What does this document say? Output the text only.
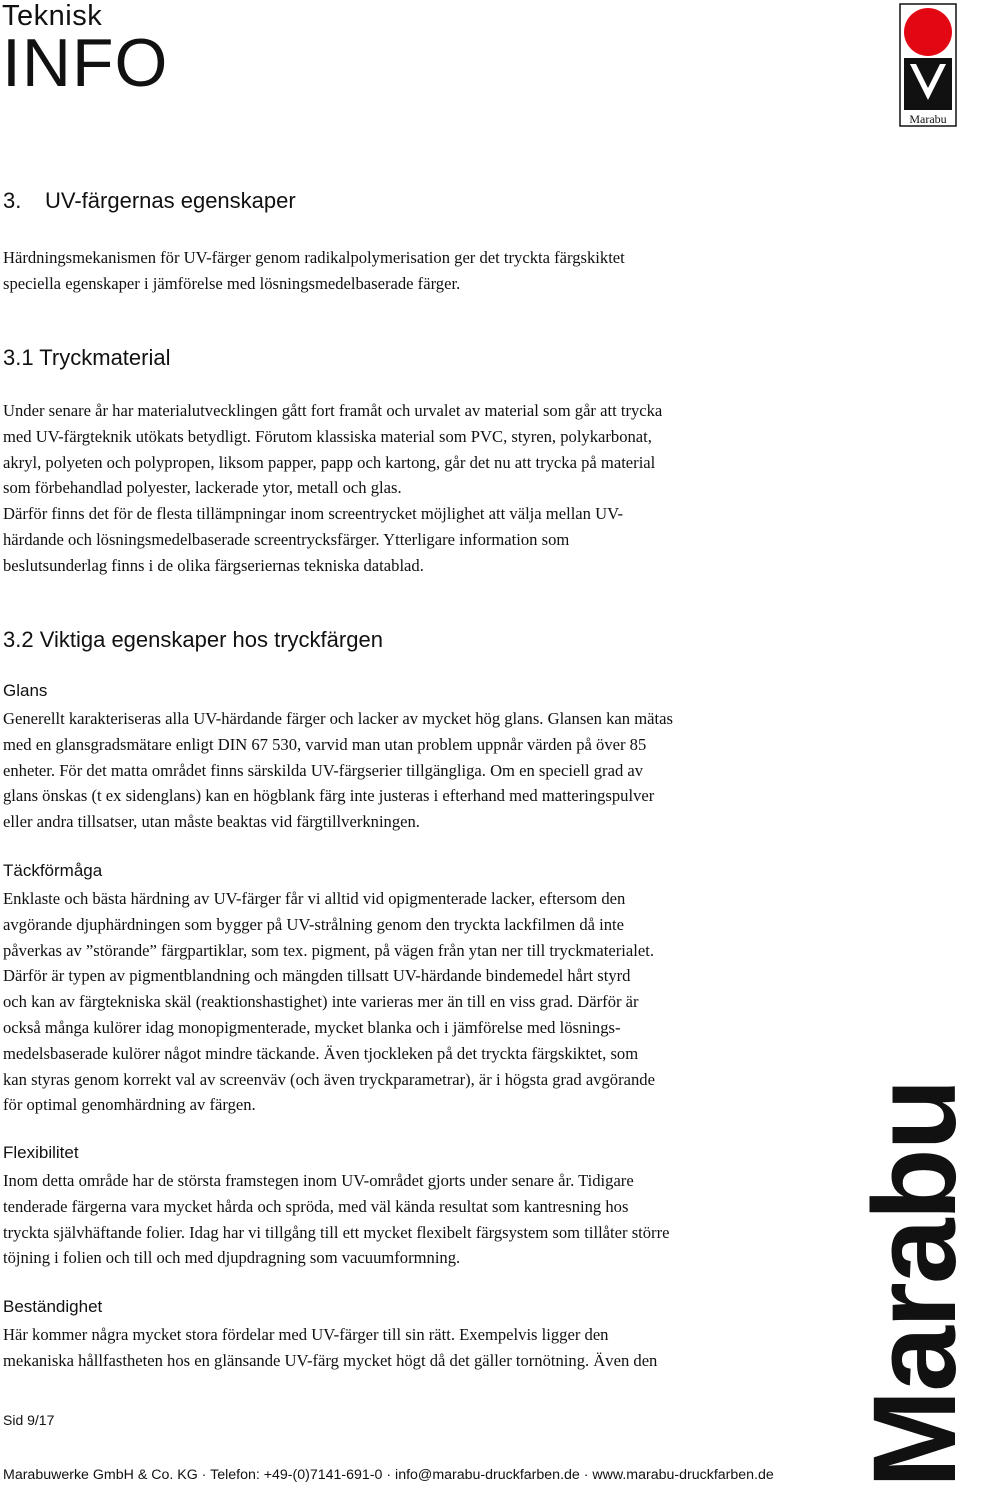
Teknisk
INFO
Marabu
3. UV-färgernas egenskaper

Härdningsmekanismen för UV-färger genom radikalpolymerisation ger det tryckta färgskiktet
speciella egenskaper i jämförelse med lösningsmedelbaserade färger.

3.1 Tryckmaterial

Under senare år har materialutvecklingen gått fort framåt och urvalet av material som går att trycka
med UV-färgteknik utökats betydligt. Förutom klassiska material som PVC, styren, polykarbonat,
akryl, polyeten och polypropen, liksom papper, papp och kartong, går det nu att trycka på material
som förbehandlad polyester, lackerade ytor, metall och glas.
Därför finns det för de flesta tillämpningar inom screentrycket möjlighet att välja mellan UV-
härdande och lösningsmedelbaserade screentrycksfärger. Ytterligare information som
beslutsunderlag finns i de olika färgseriernas tekniska datablad.

3.2 Viktiga egenskaper hos tryckfärgen
Glans

Generellt karakteriseras alla UV-härdande färger och lacker av mycket hög glans. Glansen kan mätas
med en glansgradsmätare enligt DIN 67 530, varvid man utan problem uppnår värden på över 85
enheter. För det matta området finns särskilda UV-färgserier tillgängliga. Om en speciell grad av
glans önskas (t ex sidenglans) kan en högblank färg inte justeras i efterhand med matteringspulver
eller andra tillsatser, utan måste beaktas vid färgtillverkningen.

Täckförmåga

Enklaste och bästa härdning av UV-färger får vi alltid vid opigmenterade lacker, eftersom den
avgörande djuphärdningen som bygger på UV-strålning genom den tryckta lackfilmen då inte
påverkas av ”störande” färgpartiklar, som tex. pigment, på vägen från ytan ner till tryckmaterialet.
Därför är typen av pigmentblandning och mängden tillsatt UV-härdande bindemedel hårt styrd
och kan av färgtekniska skäl (reaktionshastighet) inte varieras mer än till en viss grad. Därför är
också många kulörer idag monopigmenterade, mycket blanka och i jämförelse med lösnings-
medelsbaserade kulörer något mindre täckande. Även tjockleken på det tryckta färgskiktet, som
kan styras genom korrekt val av screenväv (och även tryckparametrar), är i högsta grad avgörande
för optimal genomhärdning av färgen.

Flexibilitet

Inom detta område har de största framstegen inom UV-området gjorts under senare år. Tidigare
tenderade färgerna vara mycket hårda och spröda, med väl kända resultat som kantresning hos
tryckta självhäftande folier. Idag har vi tillgång till ett mycket flexibelt färgsystem som tillåter större
töjning i folien och till och med djupdragning som vacuumformning.

Beständighet

Här kommer några mycket stora fördelar med UV-färger till sin rätt. Exempelvis ligger den
mekaniska hållfastheten hos en glänsande UV-färg mycket högt då det gäller tornötning. Även den

Sid 9/17
Marabuwerke GmbH & Co. KG · Telefon: +49-(0)7141-691-0 · info@marabu-druckfarben.de · www.marabu-druckfarben.de Marabu
